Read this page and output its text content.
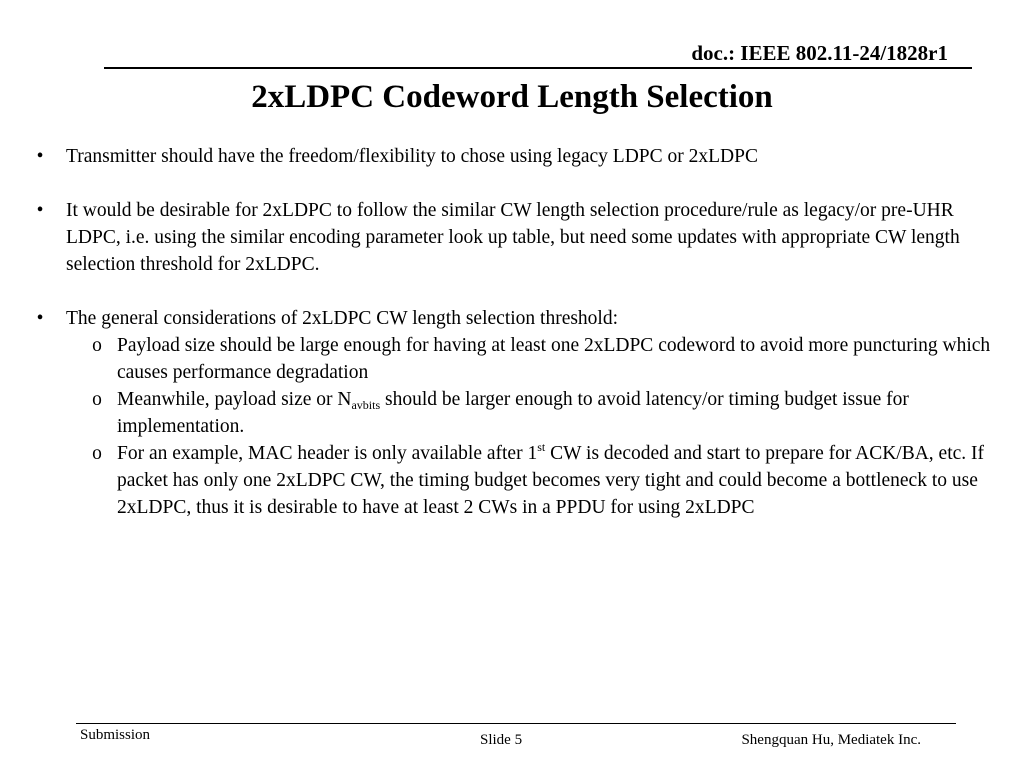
doc.: IEEE 802.11-24/1828r1
2xLDPC Codeword Length Selection
•	Transmitter should have the freedom/flexibility to chose using legacy LDPC or 2xLDPC
•	It would be desirable for 2xLDPC to follow the similar CW length selection procedure/rule as legacy/or pre-UHR LDPC, i.e. using the similar encoding parameter look up table, but need some updates with appropriate CW length selection threshold for 2xLDPC.
•	The general considerations of 2xLDPC CW length selection threshold:
o Payload size should be large enough for having at least one 2xLDPC codeword to avoid more puncturing which causes performance degradation
o Meanwhile, payload size or $N_{avbits}$ should be larger enough to avoid latency/or timing budget issue for implementation.
o For an example, MAC header is only available after 1st CW is decoded and start to prepare for ACK/BA, etc. If packet has only one 2xLDPC CW, the timing budget becomes very tight and could become a bottleneck to use 2xLDPC, thus it is desirable to have at least 2 CWs in a PPDU for using 2xLDPC
Submission	Slide 5	Shengquan Hu, Mediatek Inc.
